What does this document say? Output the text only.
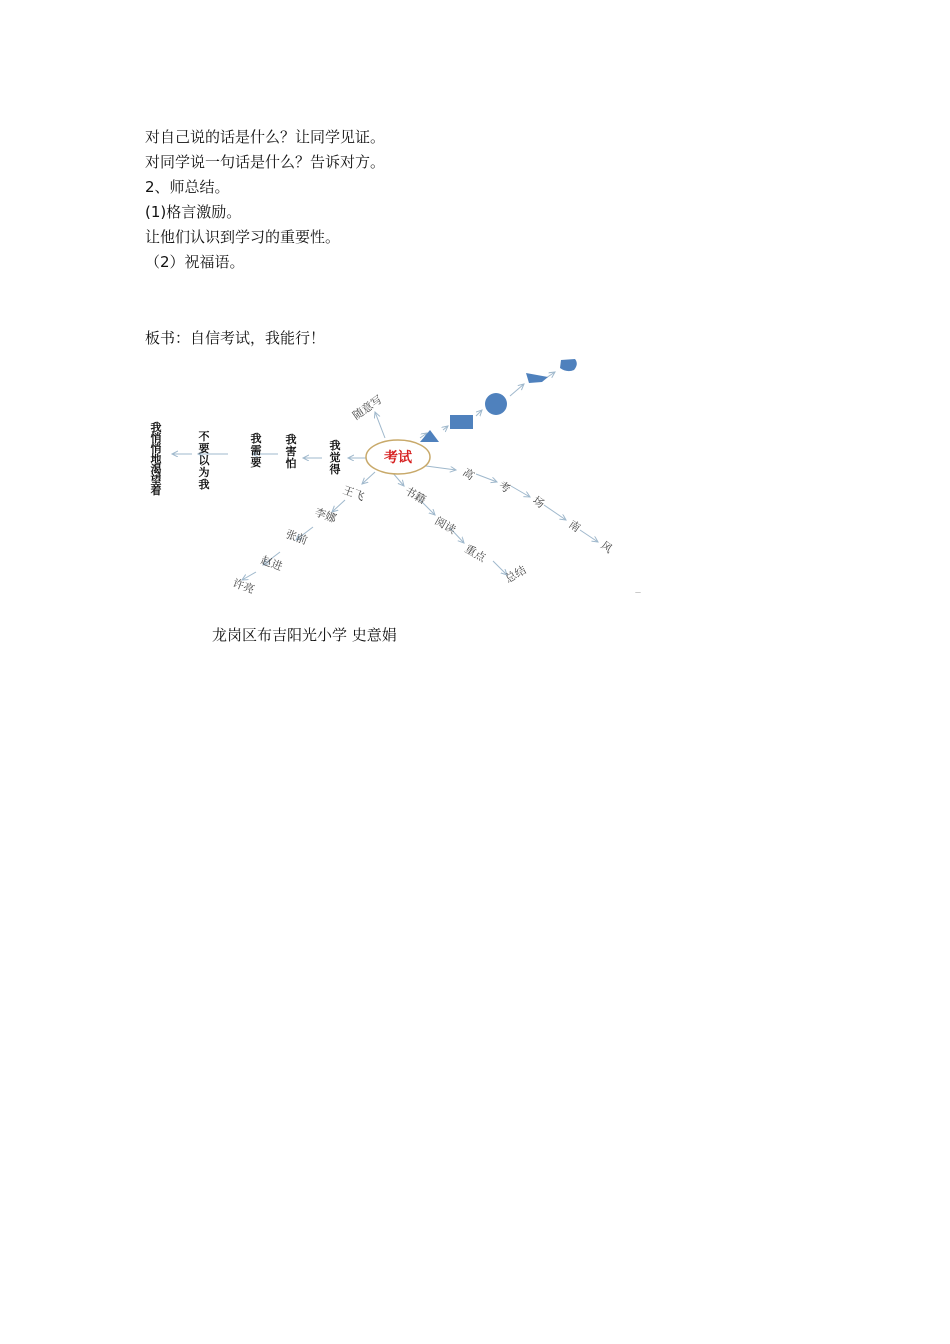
对自己说的话是什么？让同学见证。
对同学说一句话是什么？告诉对方。
2、师总结。
(1)格言激励。
让他们认识到学习的重要性。
（2）祝福语。
板书：自信考试，我能行！
考试
随意写
我觉得
我害怕
我需要
不要以为我
我悄悄地渴望着	王飞
李娜
张前
赵进
许亮
书籍
阅读
重点
总结
高
考
场
南
风
—
龙岗区布吉阳光小学 史意娟
